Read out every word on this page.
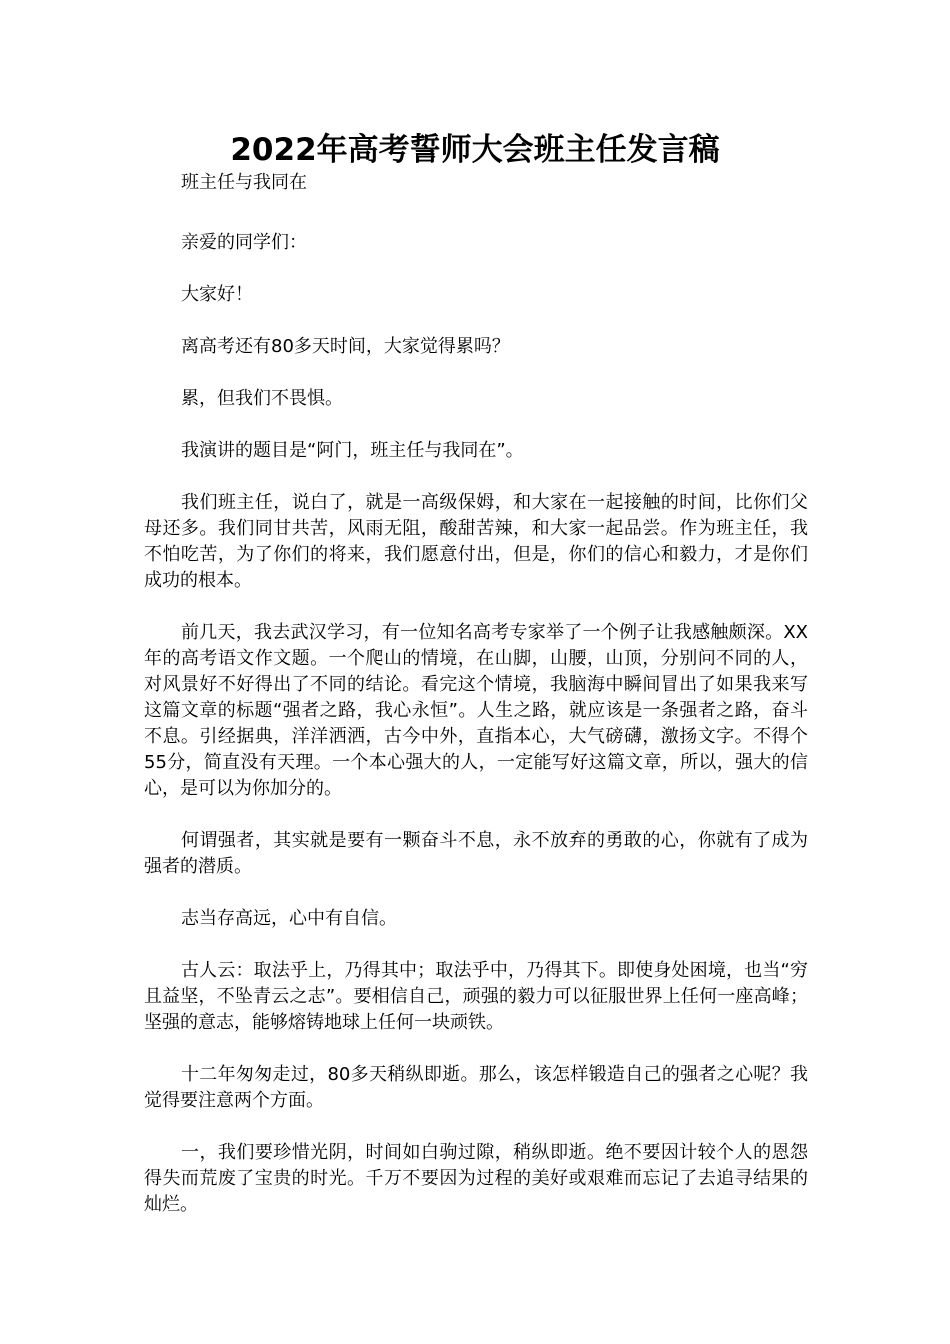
2022年高考誓师大会班主任发言稿

班主任与我同在

亲爱的同学们：

大家好！

离高考还有80多天时间，大家觉得累吗？

累，但我们不畏惧。

我演讲的题目是“阿门，班主任与我同在”。

我们班主任，说白了，就是一高级保姆，和大家在一起接触的时间，比你们父母还多。我们同甘共苦，风雨无阻，酸甜苦辣，和大家一起品尝。作为班主任，我不怕吃苦，为了你们的将来，我们愿意付出，但是，你们的信心和毅力，才是你们成功的根本。

前几天，我去武汉学习，有一位知名高考专家举了一个例子让我感触颇深。XX年的高考语文作文题。一个爬山的情境，在山脚，山腰，山顶，分别问不同的人，对风景好不好得出了不同的结论。看完这个情境，我脑海中瞬间冒出了如果我来写这篇文章的标题“强者之路，我心永恒”。人生之路，就应该是一条强者之路，奋斗不息。引经据典，洋洋洒洒，古今中外，直指本心，大气磅礴，激扬文字。不得个55分，简直没有天理。一个本心强大的人，一定能写好这篇文章，所以，强大的信心，是可以为你加分的。

何谓强者，其实就是要有一颗奋斗不息，永不放弃的勇敢的心，你就有了成为强者的潜质。

志当存高远，心中有自信。

古人云：取法乎上，乃得其中；取法乎中，乃得其下。即使身处困境，也当“穷且益坚，不坠青云之志”。要相信自己，顽强的毅力可以征服世界上任何一座高峰；坚强的意志，能够熔铸地球上任何一块顽铁。

十二年匆匆走过，80多天稍纵即逝。那么，该怎样锻造自己的强者之心呢？我觉得要注意两个方面。

一，我们要珍惜光阴，时间如白驹过隙，稍纵即逝。绝不要因计较个人的恩怨得失而荒废了宝贵的时光。千万不要因为过程的美好或艰难而忘记了去追寻结果的灿烂。
